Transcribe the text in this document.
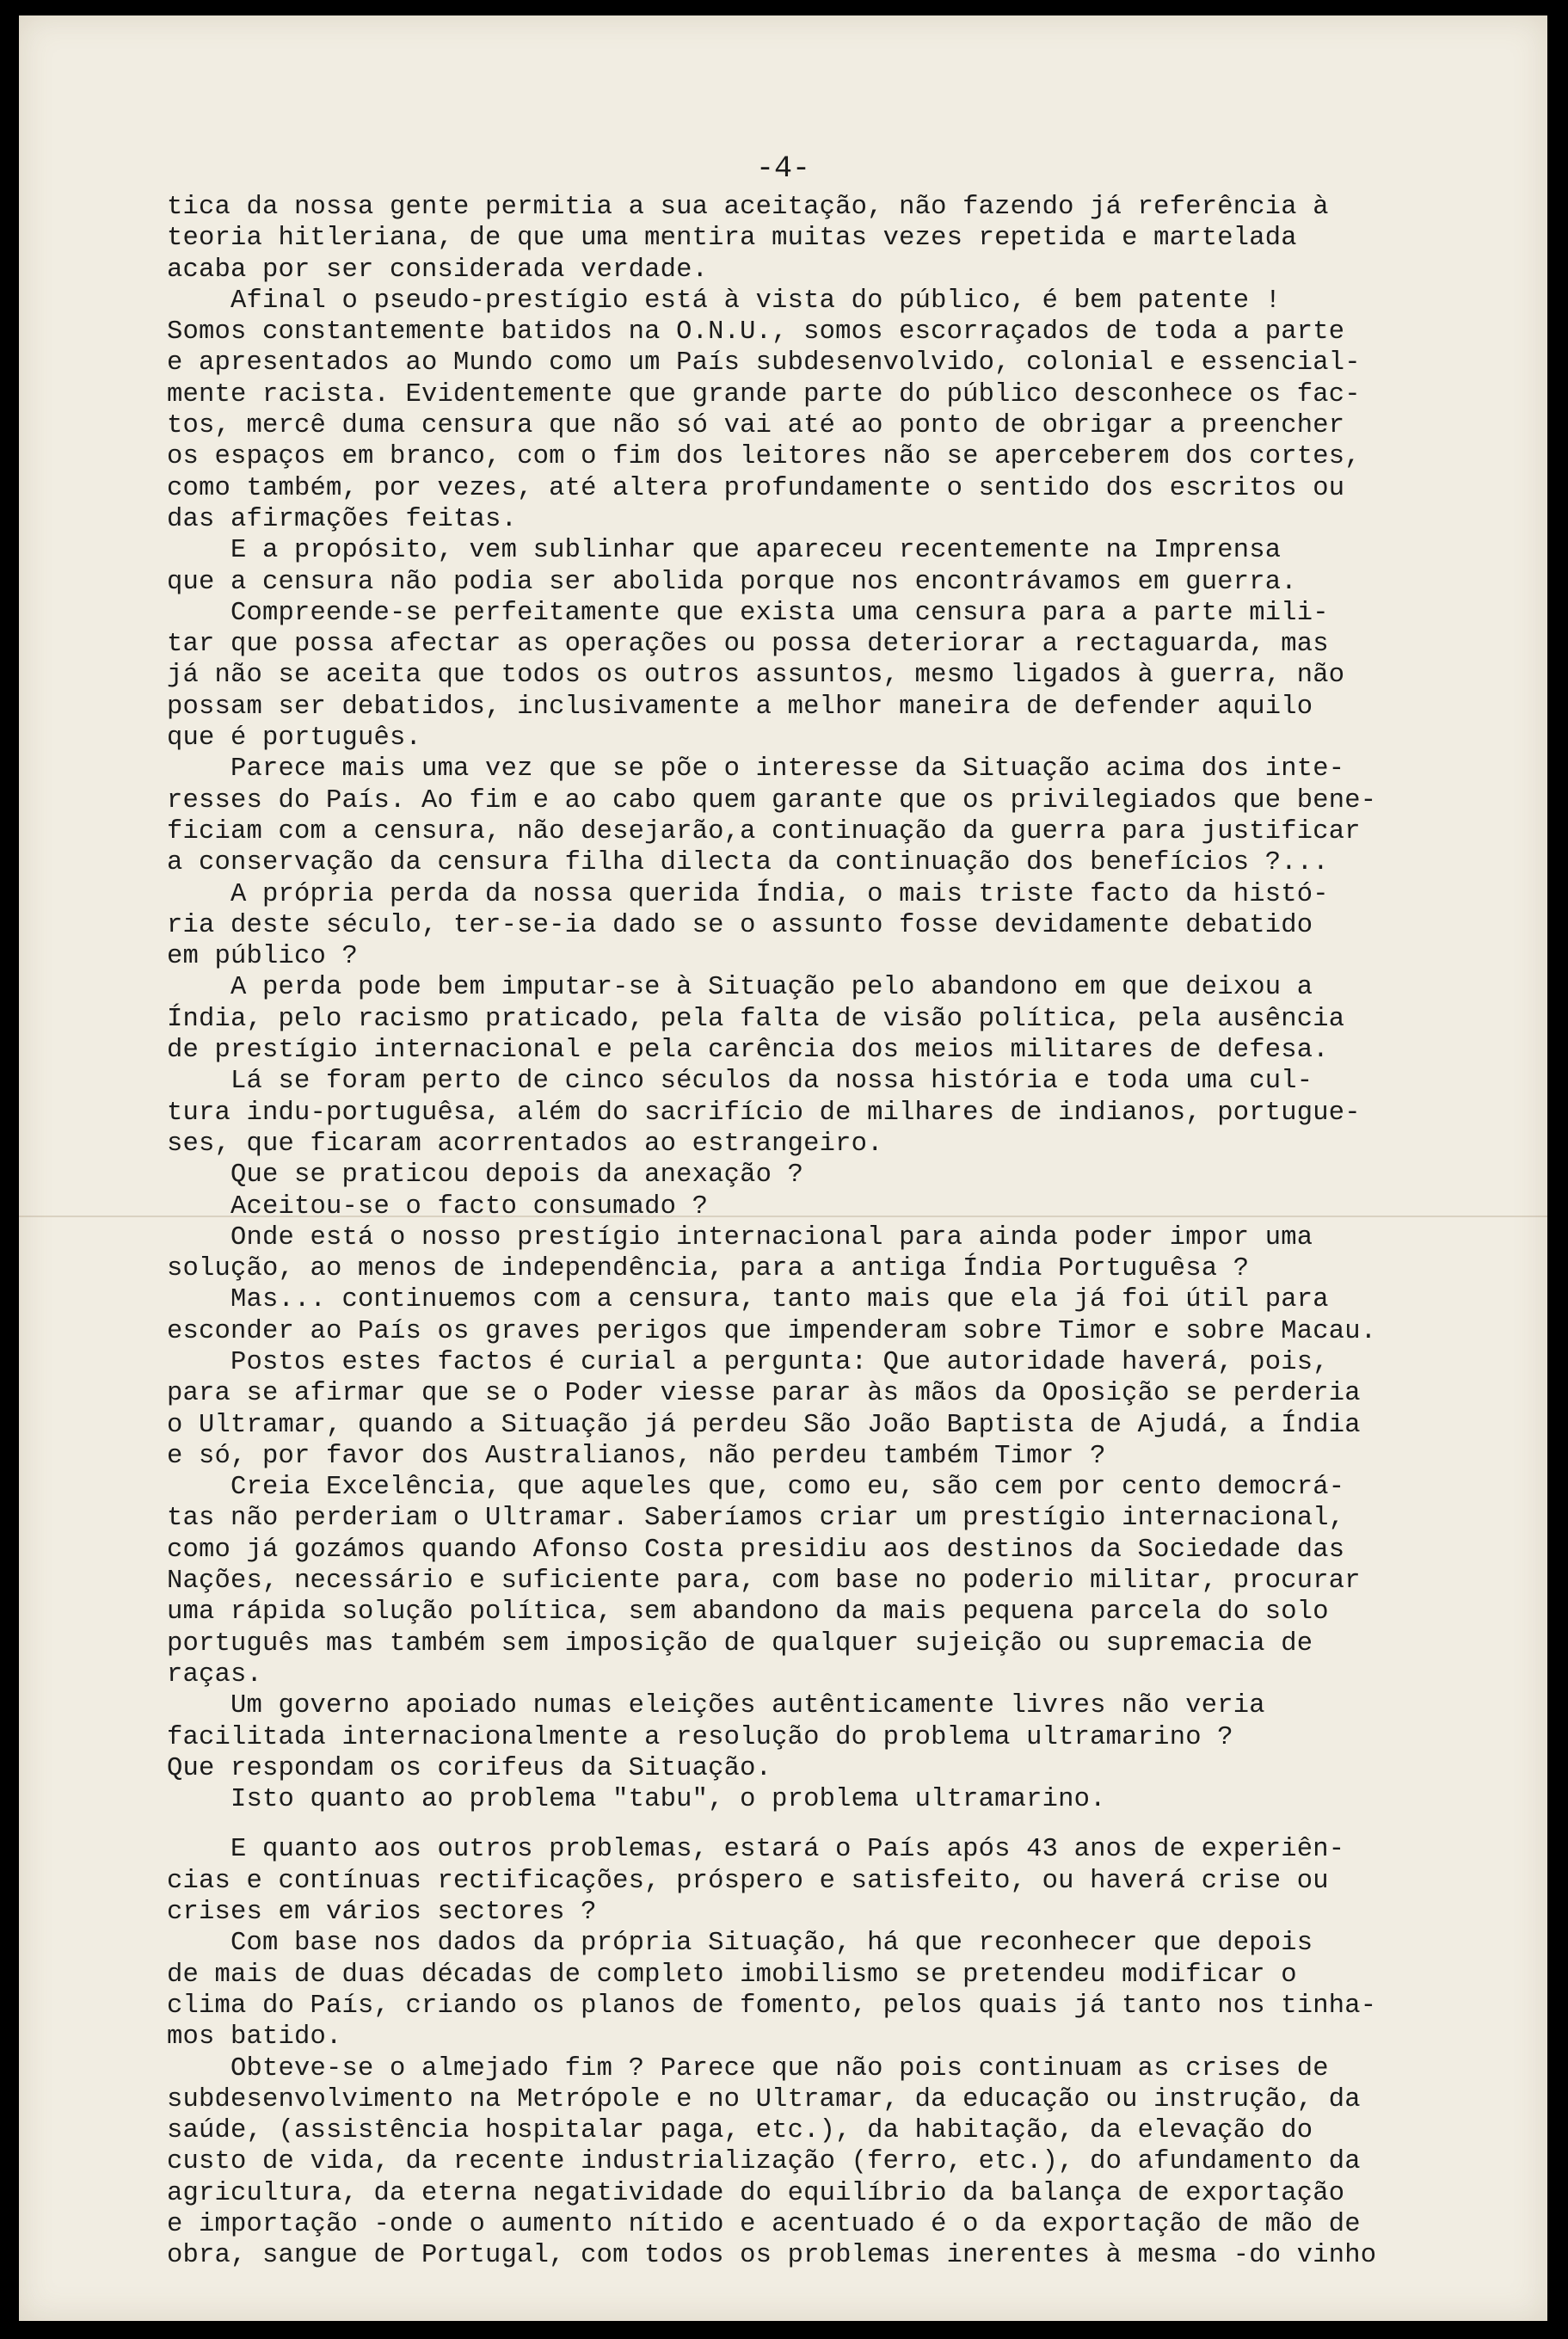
-4-

tica da nossa gente permitia a sua aceitação, não fazendo já referência à
teoria hitleriana, de que uma mentira muitas vezes repetida e martelada
acaba por ser considerada verdade.
Afinal o pseudo-prestígio está à vista do público, é bem patente !
Somos constantemente batidos na O.N.U., somos escorraçados de toda a parte
e apresentados ao Mundo como um País subdesenvolvido, colonial e essencial-
mente racista. Evidentemente que grande parte do público desconhece os fac-
tos, mercê duma censura que não só vai até ao ponto de obrigar a preencher
os espaços em branco, com o fim dos leitores não se aperceberem dos cortes,
como também, por vezes, até altera profundamente o sentido dos escritos ou
das afirmações feitas.
E a propósito, vem sublinhar que apareceu recentemente na Imprensa
que a censura não podia ser abolida porque nos encontrávamos em guerra.
Compreende-se perfeitamente que exista uma censura para a parte mili-
tar que possa afectar as operações ou possa deteriorar a rectaguarda, mas
já não se aceita que todos os outros assuntos, mesmo ligados à guerra, não
possam ser debatidos, inclusivamente a melhor maneira de defender aquilo
que é português.
Parece mais uma vez que se põe o interesse da Situação acima dos inte-
resses do País. Ao fim e ao cabo quem garante que os privilegiados que bene-
ficiam com a censura, não desejarão,a continuação da guerra para justificar
a conservação da censura filha dilecta da continuação dos benefícios ?...
A própria perda da nossa querida Índia, o mais triste facto da histó-
ria deste século, ter-se-ia dado se o assunto fosse devidamente debatido
em público ?
A perda pode bem imputar-se à Situação pelo abandono em que deixou a
Índia, pelo racismo praticado, pela falta de visão política, pela ausência
de prestígio internacional e pela carência dos meios militares de defesa.
Lá se foram perto de cinco séculos da nossa história e toda uma cul-
tura indu-portuguêsa, além do sacrifício de milhares de indianos, portugue-
ses, que ficaram acorrentados ao estrangeiro.
Que se praticou depois da anexação ?
Aceitou-se o facto consumado ?
Onde está o nosso prestígio internacional para ainda poder impor uma
solução, ao menos de independência, para a antiga Índia Portuguêsa ?
Mas... continuemos com a censura, tanto mais que ela já foi útil para
esconder ao País os graves perigos que impenderam sobre Timor e sobre Macau.
Postos estes factos é curial a pergunta: Que autoridade haverá, pois,
para se afirmar que se o Poder viesse parar às mãos da Oposição se perderia
o Ultramar, quando a Situação já perdeu São João Baptista de Ajudá, a Índia
e só, por favor dos Australianos, não perdeu também Timor ?
Creia Excelência, que aqueles que, como eu, são cem por cento democrá-
tas não perderiam o Ultramar. Saberíamos criar um prestígio internacional,
como já gozámos quando Afonso Costa presidiu aos destinos da Sociedade das
Nações, necessário e suficiente para, com base no poderio militar, procurar
uma rápida solução política, sem abandono da mais pequena parcela do solo
português mas também sem imposição de qualquer sujeição ou supremacia de
raças.
Um governo apoiado numas eleições autênticamente livres não veria
facilitada internacionalmente a resolução do problema ultramarino ?
Que respondam os corifeus da Situação.
Isto quanto ao problema "tabu", o problema ultramarino.
E quanto aos outros problemas, estará o País após 43 anos de experiên-
cias e contínuas rectificações, próspero e satisfeito, ou haverá crise ou
crises em vários sectores ?
Com base nos dados da própria Situação, há que reconhecer que depois
de mais de duas décadas de completo imobilismo se pretendeu modificar o
clima do País, criando os planos de fomento, pelos quais já tanto nos tinha-
mos batido.
Obteve-se o almejado fim ? Parece que não pois continuam as crises de
subdesenvolvimento na Metrópole e no Ultramar, da educação ou instrução, da
saúde, (assistência hospitalar paga, etc.), da habitação, da elevação do
custo de vida, da recente industrialização (ferro, etc.), do afundamento da
agricultura, da eterna negatividade do equilíbrio da balança de exportação
e importação -onde o aumento nítido e acentuado é o da exportação de mão de
obra, sangue de Portugal, com todos os problemas inerentes à mesma -do vinho
